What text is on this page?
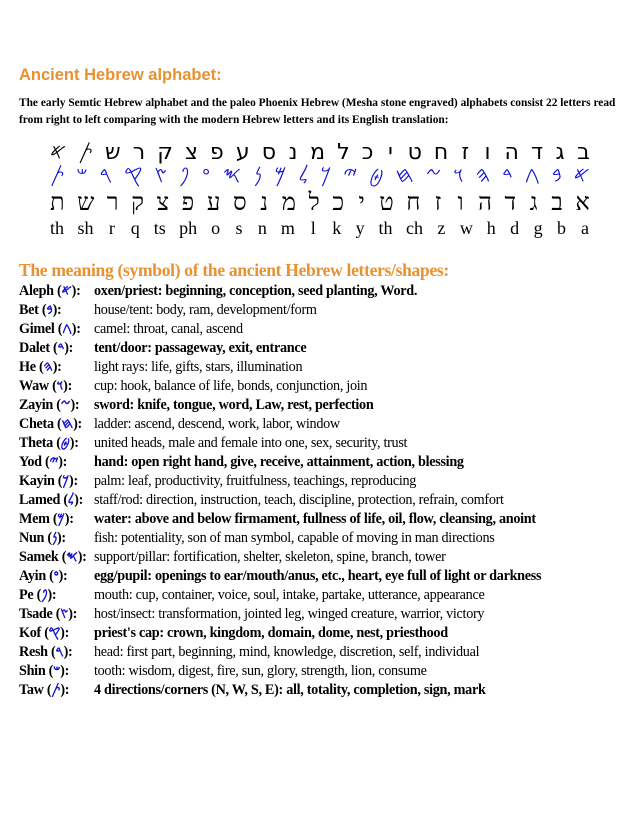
Ancient Hebrew alphabet:
The early Semtic Hebrew alphabet and the paleo Phoenix Hebrew (Mesha stone engraved) alphabets consist 22 letters read from right to left comparing with the modern Hebrew letters and its English translation:
𐤀 𐤕 ש ר ק צ פ ע ס נ מ ל כ י ט ח ז ו ה ד ג ב
𐤕 𐤔 𐤓 𐤒 𐤑 𐤐 𐤏 𐤎 𐤍 𐤌 𐤋 𐤊 𐤉 𐤈 𐤇 𐤆 𐤅 𐤄 𐤃 𐤂 𐤁 𐤀
ת ש ר ק צ פ ע ס נ מ ל כ י ט ח ז ו ה ד ג ב א
th sh r q ts ph o s n m l k y th ch z w h d g b a
The meaning (symbol) of the ancient Hebrew letters/shapes:
Aleph (𐤀): oxen/priest: beginning, conception, seed planting, Word.
Bet (𐤁):	house/tent: body, ram, development/form
Gimel (𐤂): camel: throat, canal, ascend
Dalet (𐤃):	tent/door: passageway, exit, entrance
He (𐤄):	light rays: life, gifts, stars, illumination
Waw (𐤅):	cup: hook, balance of life, bonds, conjunction, join
Zayin (𐤆):	sword: knife, tongue, word, Law, rest, perfection
Cheta (𐤇): ladder: ascend, descend, work, labor, window
Theta (𐤈):	united heads, male and female into one, sex, security, trust
Yod (𐤉):	hand: open right hand, give, receive, attainment, action, blessing
Kayin (𐤊):	palm: leaf, productivity, fruitfulness, teachings, reproducing
Lamed (𐤋): staff/rod: direction, instruction, teach, discipline, protection, refrain, comfort
Mem (𐤌):	water: above and below firmament, fullness of life, oil, flow, cleansing, anoint
Nun (𐤍):	fish: potentiality, son of man symbol, capable of moving in man directions
Samek (𐤎): support/pillar: fortification, shelter, skeleton, spine, branch, tower
Ayin (𐤏):	egg/pupil: openings to ear/mouth/anus, etc., heart, eye full of light or darkness
Pe (𐤐):	mouth: cup, container, voice, soul, intake, partake, utterance, appearance
Tsade (𐤑):	host/insect: transformation, jointed leg, winged creature, warrior, victory
Kof (𐤒):	priest's cap: crown, kingdom, domain, dome, nest, priesthood
Resh (𐤓):	head: first part, beginning, mind, knowledge, discretion, self, individual
Shin (𐤔):	tooth: wisdom, digest, fire, sun, glory, strength, lion, consume
Taw (𐤕):	4 directions/corners (N, W, S, E): all, totality, completion, sign, mark
